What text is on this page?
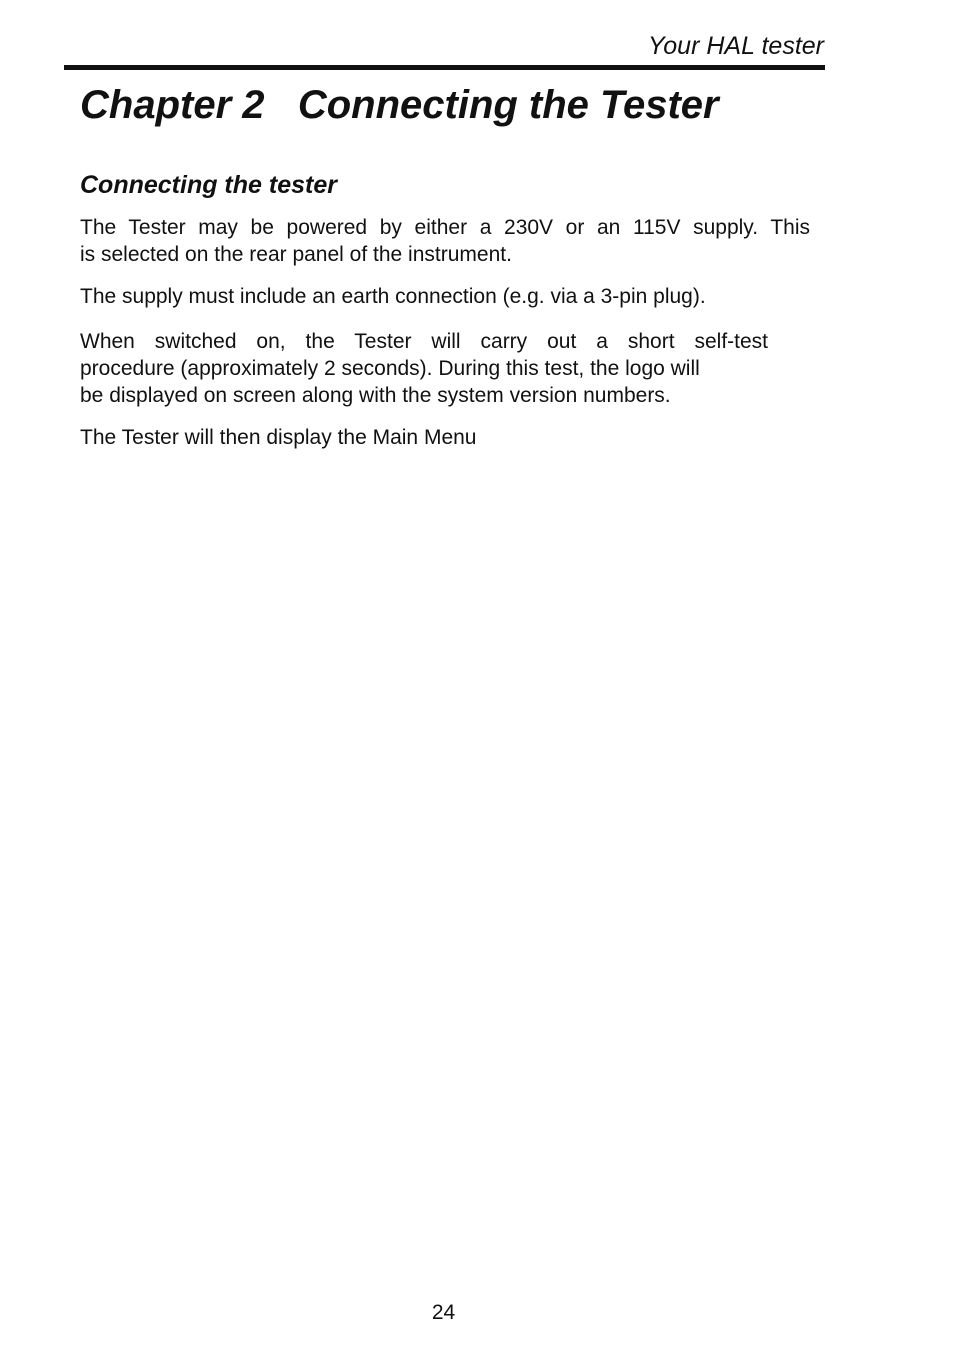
Your HAL tester
Chapter 2   Connecting the Tester
Connecting the tester

The Tester may be powered by either a 230V or an 115V supply. This
is selected on the rear panel of the instrument.

The supply must include an earth connection (e.g. via a 3-pin plug).

When switched on, the Tester will carry out a short self-test
procedure (approximately 2 seconds). During this test, the logo will
be displayed on screen along with the system version numbers.

The Tester will then display the Main Menu

24
